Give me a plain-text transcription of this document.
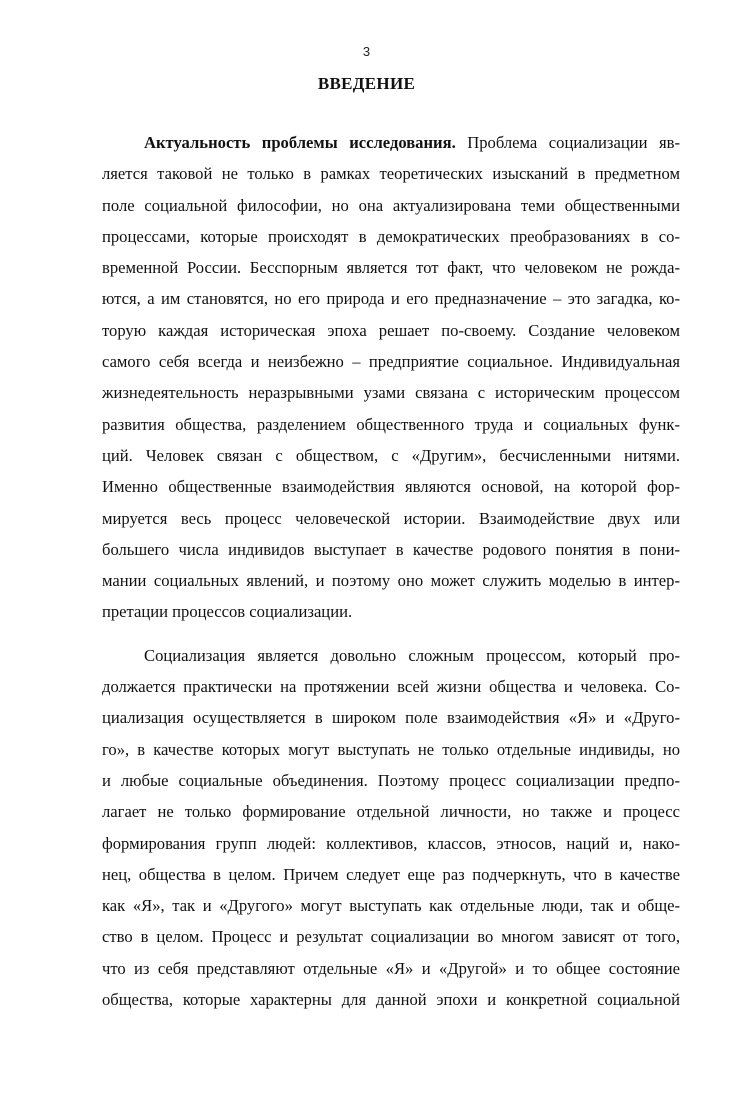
3
ВВЕДЕНИЕ
Актуальность проблемы исследования. Проблема социализации яв-
ляется таковой не только в рамках теоретических изысканий в предметном
поле социальной философии, но она актуализирована теми общественными
процессами, которые происходят в демократических преобразованиях в со-
временной России. Бесспорным является тот факт, что человеком не рожда-
ются, а им становятся, но его природа и его предназначение – это загадка, ко-
торую каждая историческая эпоха решает по-своему. Создание человеком
самого себя всегда и неизбежно – предприятие социальное. Индивидуальная
жизнедеятельность неразрывными узами связана с историческим процессом
развития общества, разделением общественного труда и социальных функ-
ций. Человек связан с обществом, с «Другим», бесчисленными нитями.
Именно общественные взаимодействия являются основой, на которой фор-
мируется весь процесс человеческой истории. Взаимодействие двух или
большего числа индивидов выступает в качестве родового понятия в пони-
мании социальных явлений, и поэтому оно может служить моделью в интер-
претации процессов социализации.
Социализация является довольно сложным процессом, который про-
должается практически на протяжении всей жизни общества и человека. Со-
циализация осуществляется в широком поле взаимодействия «Я» и «Друго-
го», в качестве которых могут выступать не только отдельные индивиды, но
и любые социальные объединения. Поэтому процесс социализации предпо-
лагает не только формирование отдельной личности, но также и процесс
формирования групп людей: коллективов, классов, этносов, наций и, нако-
нец, общества в целом. Причем следует еще раз подчеркнуть, что в качестве
как «Я», так и «Другого» могут выступать как отдельные люди, так и обще-
ство в целом. Процесс и результат социализации во многом зависят от того,
что из себя представляют отдельные «Я» и «Другой» и то общее состояние
общества, которые характерны для данной эпохи и конкретной социальной
